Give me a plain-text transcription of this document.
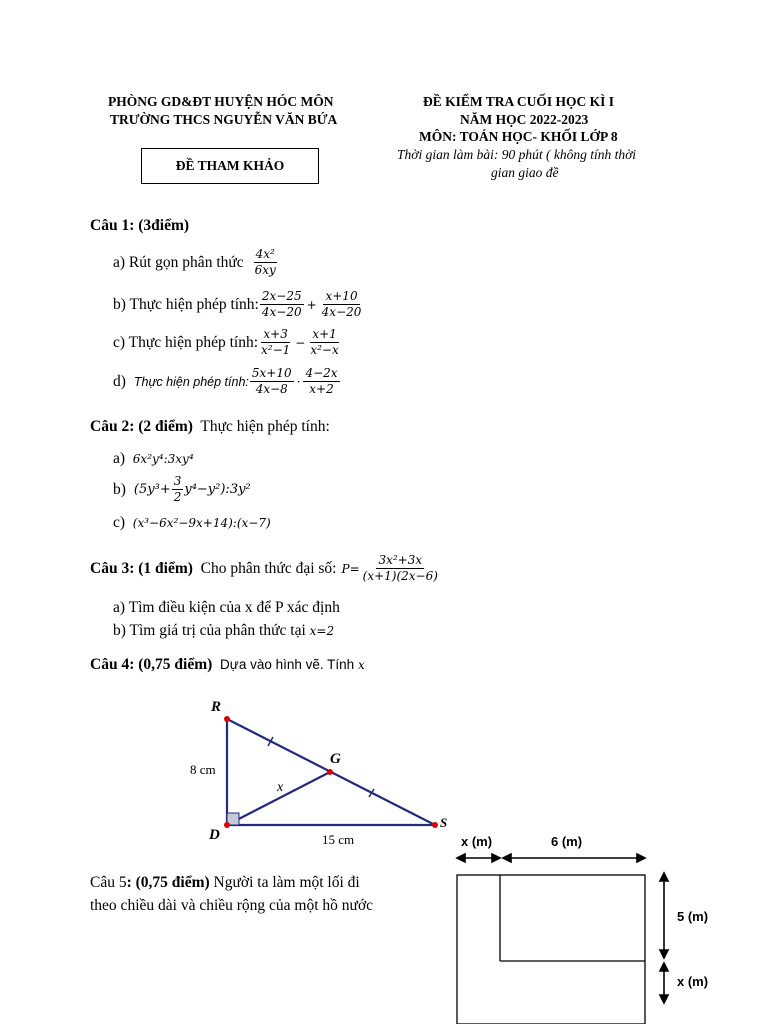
PHÒNG GD&ĐT HUYỆN HÓC MÔN
TRƯỜNG THCS NGUYỄN VĂN BỨA
ĐỀ THAM KHẢO
ĐỀ KIỂM TRA CUỐI HỌC KÌ I
NĂM HỌC 2022-2023
MÔN: TOÁN HỌC- KHỐI LỚP 8
Thời gian làm bài: 90 phút ( không tính thời
gian giao đề
Câu 1: (3điểm)
a) Rút gọn phân thức $\frac{\text{4x²}}{6xy}$
b) Thực hiện phép tính: $\frac{2x-25}{4x-20} + \frac{x+10}{4x-20}$
c) Thực hiện phép tính: $\frac{x+3}{\text{x²−1}} - \frac{x+1}{\text{x²−x}}$
d) Thực hiện phép tính: $\frac{5x+10}{4x-8} \cdot \frac{4-2x}{x+2}$
Câu 2: (2 điểm) Thực hiện phép tính:
a) 6x²y⁴:3xy⁴
b) ($5y^3+ \frac{3}{2}$ y⁴−y²):3y²
c) (x³−6x²−9x+14):(x−7)
Câu 3 : (1 điểm)
Cho phân thức đại số: $P= \frac{\text{3x²+3x}}{(x+1)(2x-6)}$
a) Tìm điều kiện của x để P xác định
b) Tìm giá trị của phân thức tại x=2
Câu 4: (0,75 điểm) Dựa vào hình vẽ. Tính x
R
G
D
S
x
8 cm
15 cm
Câu 5: (0,75 điểm) Người ta làm một lối đi
theo chiều dài và chiều rộng của một hồ nước
x (m)	6 (m)
5 (m)
x (m)
